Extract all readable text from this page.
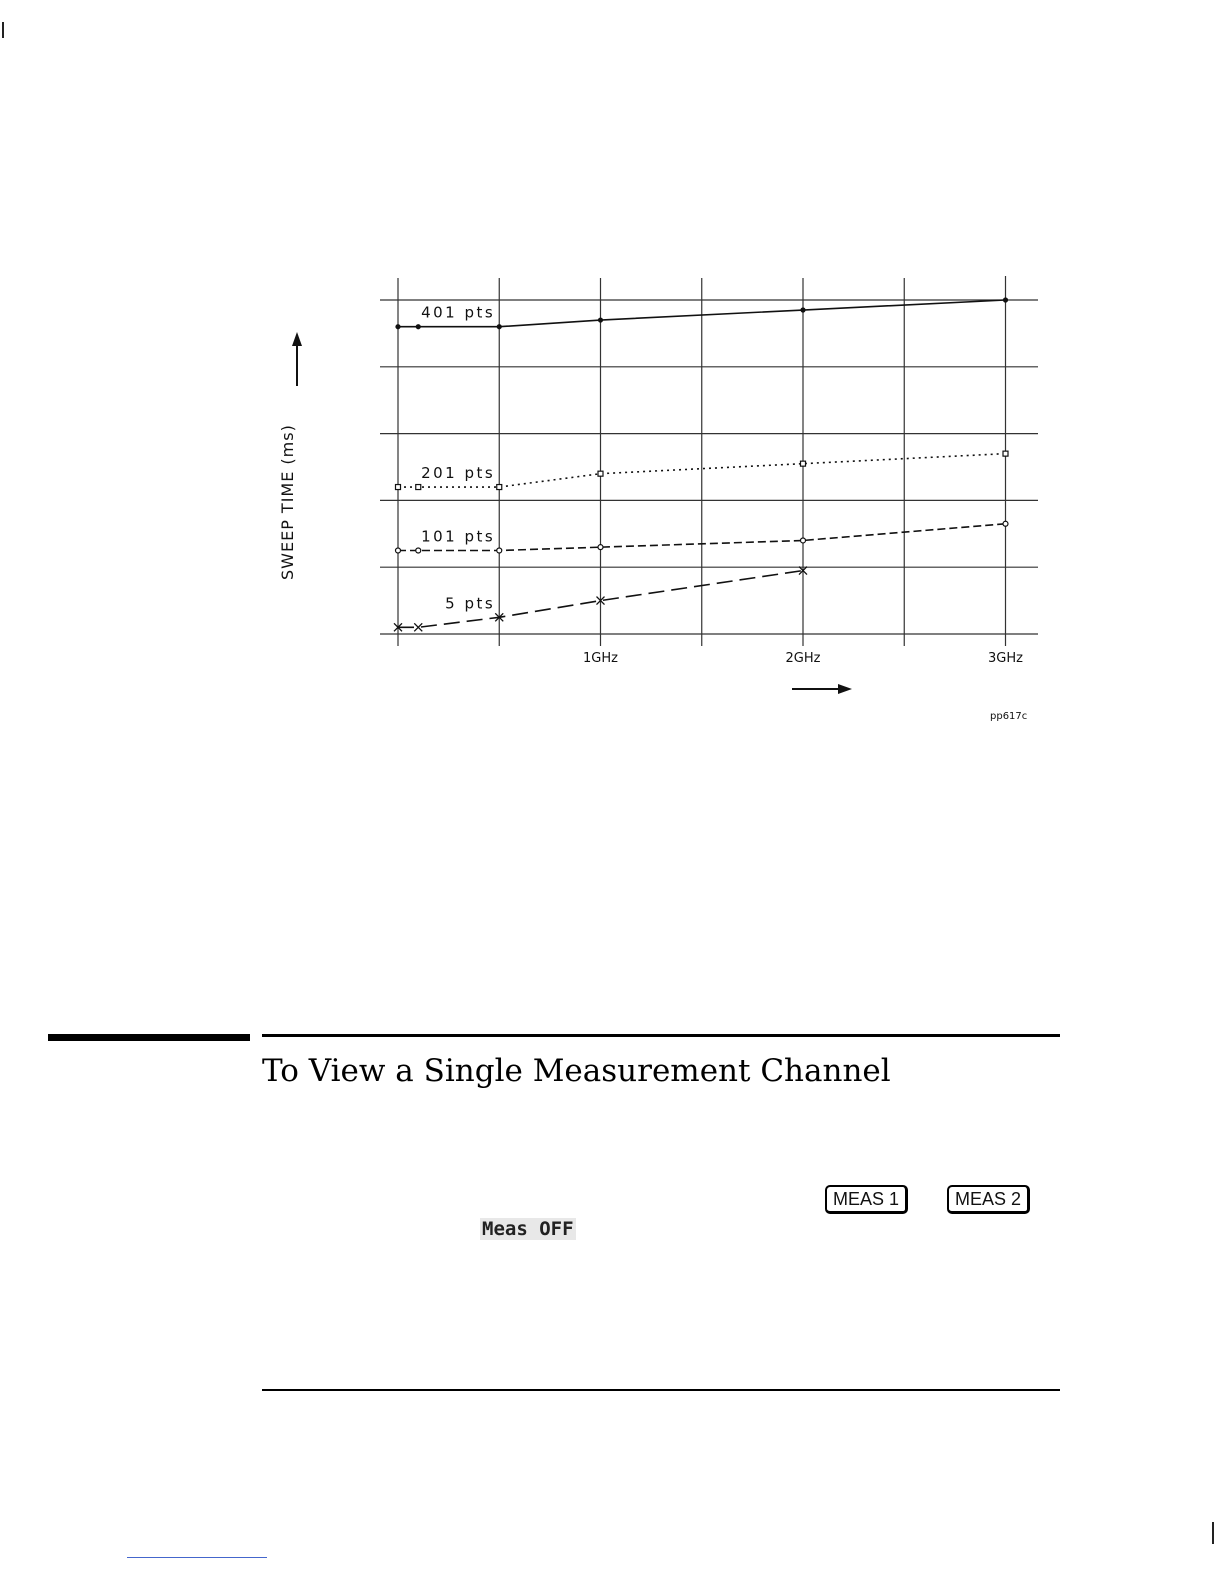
1GHz	2GHz	3GHz
401 pts
201 pts
101 pts
5 pts
SWEEP TIME (ms)
pp617c
To View a Single Measurement Channel
MEAS 1	MEAS 2
Meas OFF
